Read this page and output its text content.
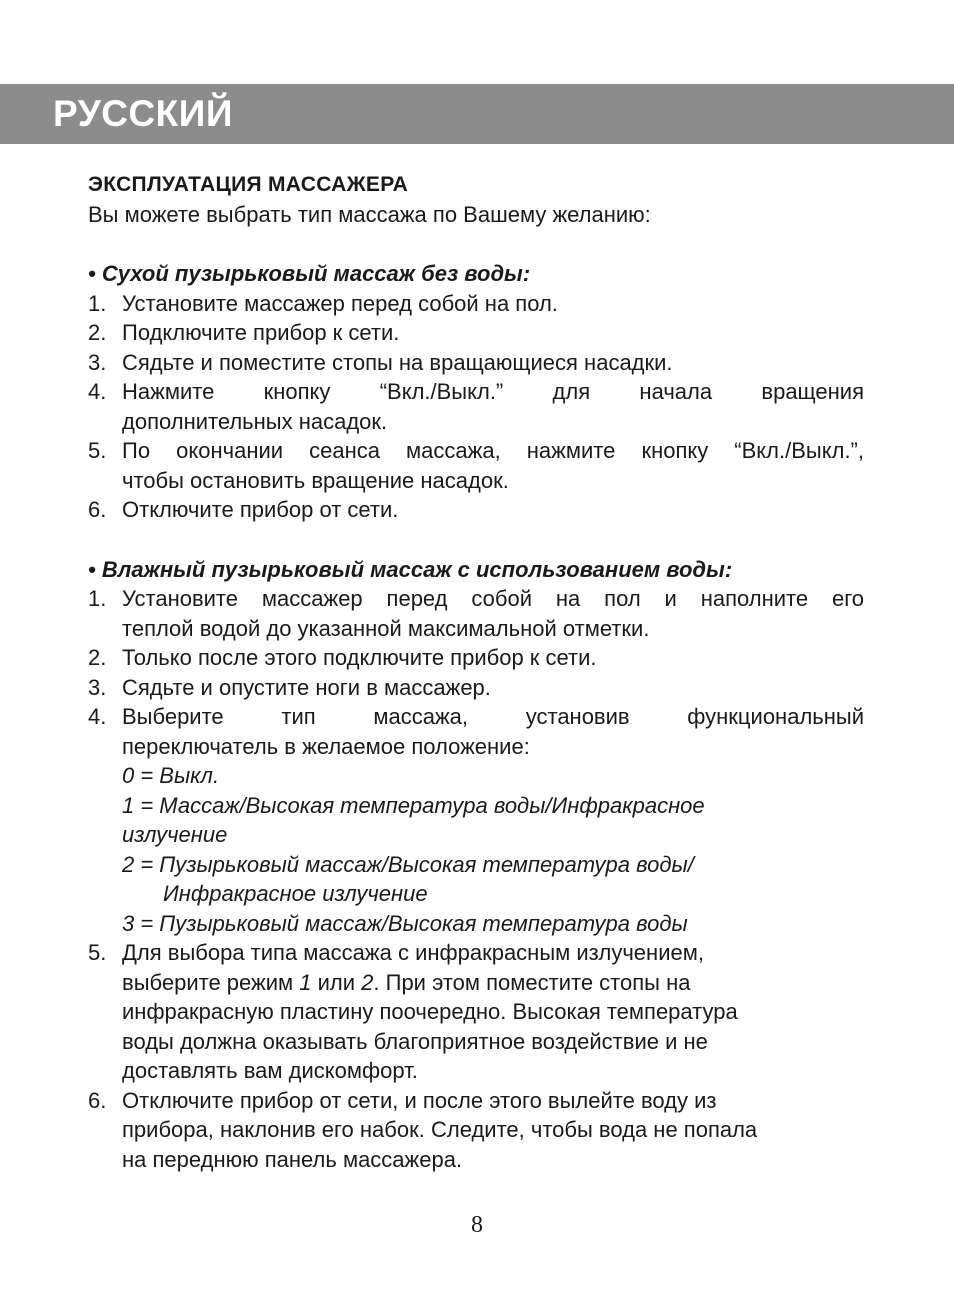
РУССКИЙ
ЭКСПЛУАТАЦИЯ МАССАЖЕРА

Вы можете выбрать тип массажа по Вашему желанию:

• Сухой пузырьковый массаж без воды:
1. Установите массажер перед собой на пол.
2. Подключите прибор к сети.
3. Сядьте и поместите стопы на вращающиеся насадки.
4. Нажмите кнопку “Вкл./Выкл.” для начала вращения
дополнительных насадок.
5. По окончании сеанса массажа, нажмите кнопку “Вкл./Выкл.”,
чтобы остановить вращение насадок.
6. Отключите прибор от сети.
• Влажный пузырьковый массаж с использованием воды:
1. Установите массажер перед собой на пол и наполните его
теплой водой до указанной максимальной отметки.
2. Только после этого подключите прибор к сети.
3. Сядьте и опустите ноги в массажер.
4. Выберите тип массажа, установив функциональный
переключатель в желаемое положение:
0 = Выкл.
1 = Массаж/Высокая температура воды/Инфракрасное
излучение
2 = Пузырьковый массаж/Высокая температура воды/
Инфракрасное излучение
3 = Пузырьковый массаж/Высокая температура воды
5. Для выбора типа массажа с инфракрасным излучением,
выберите режим 1 или 2. При этом поместите стопы на
инфракрасную пластину поочередно. Высокая температура
воды должна оказывать благоприятное воздействие и не
доставлять вам дискомфорт.
6. Отключите прибор от сети, и после этого вылейте воду из
прибора, наклонив его набок. Следите, чтобы вода не попала
на переднюю панель массажера.
8
